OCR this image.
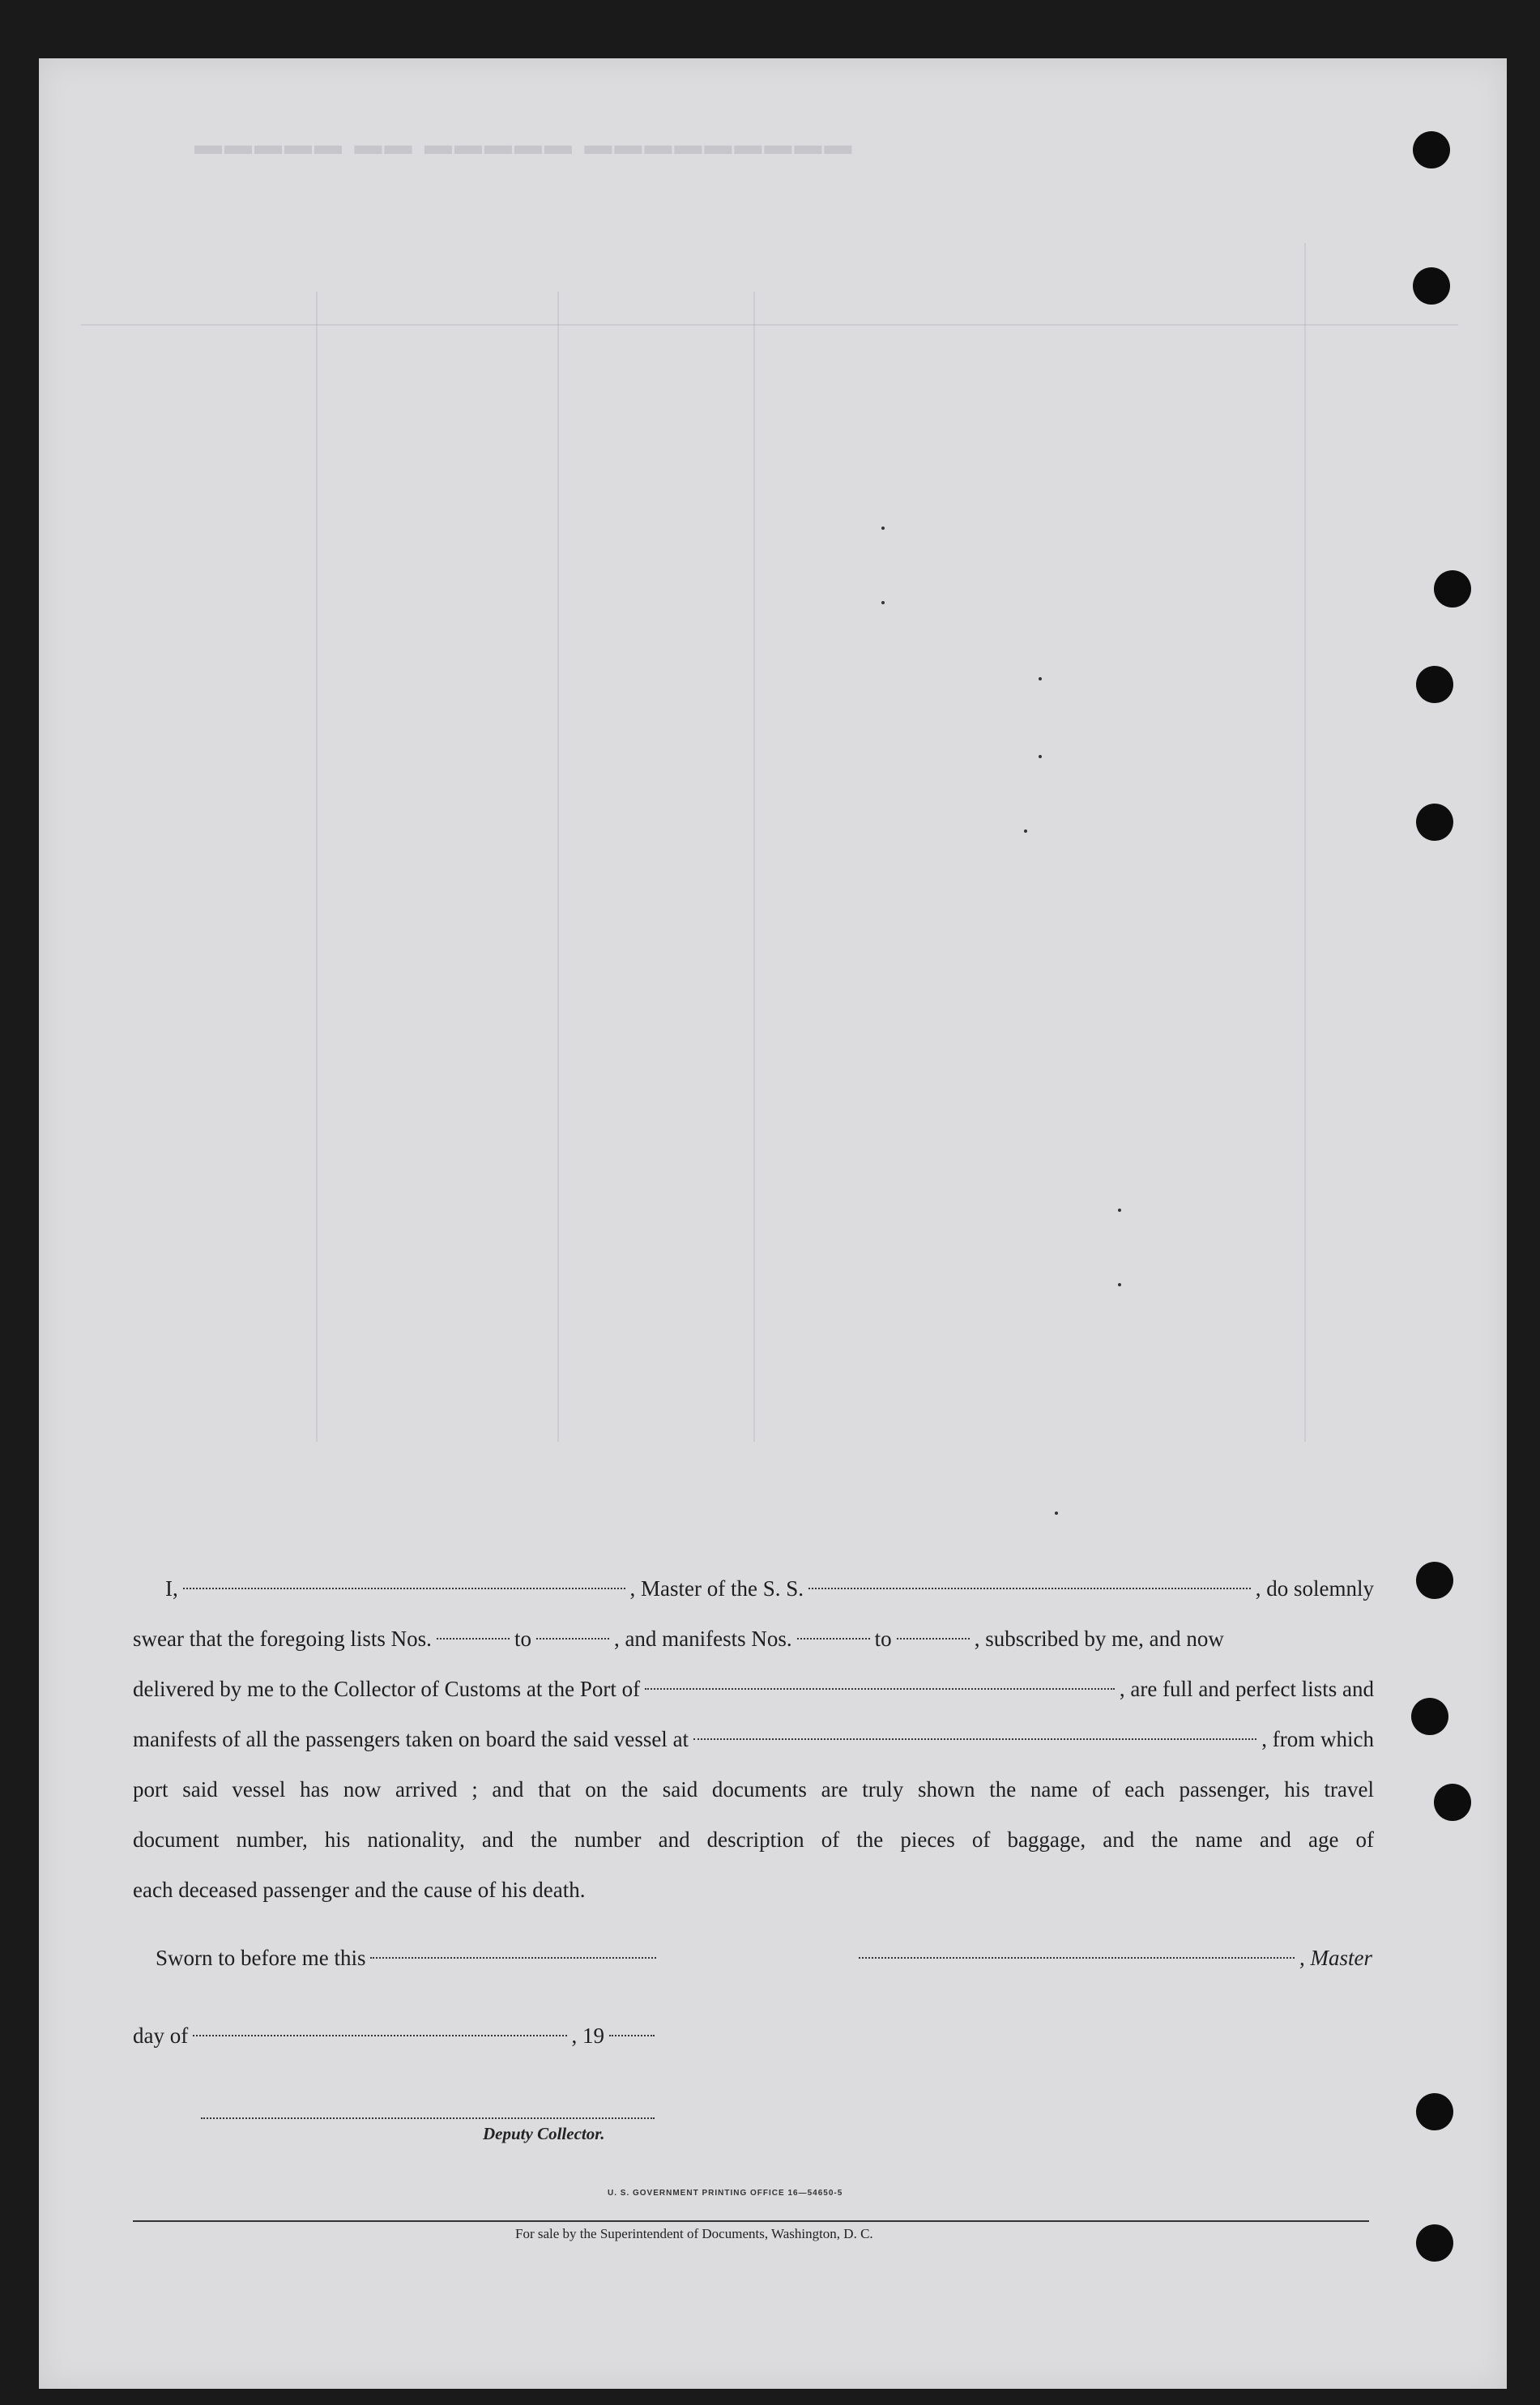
▬▬▬▬▬ ▬▬ ▬▬▬▬▬ ▬▬▬▬▬▬▬▬▬
I,	, Master of the S. S.	, do solemnly
swear that the foregoing lists Nos.	to	, and manifests Nos.	to	, subscribed by me, and now
delivered by me to the Collector of Customs at the Port of	, are full and perfect lists and
manifests of all the passengers taken on board the said vessel at	, from which
port said vessel has now arrived ; and that on the said documents are truly shown the name of each passenger, his travel
document number, his nationality, and the number and description of the pieces of baggage, and the name and age of
each deceased passenger and the cause of his death.
Sworn to before me this	, Master
day of	, 19
Deputy Collector.
U. S. GOVERNMENT PRINTING OFFICE 16—54650-5
For sale by the Superintendent of Documents, Washington, D. C.
